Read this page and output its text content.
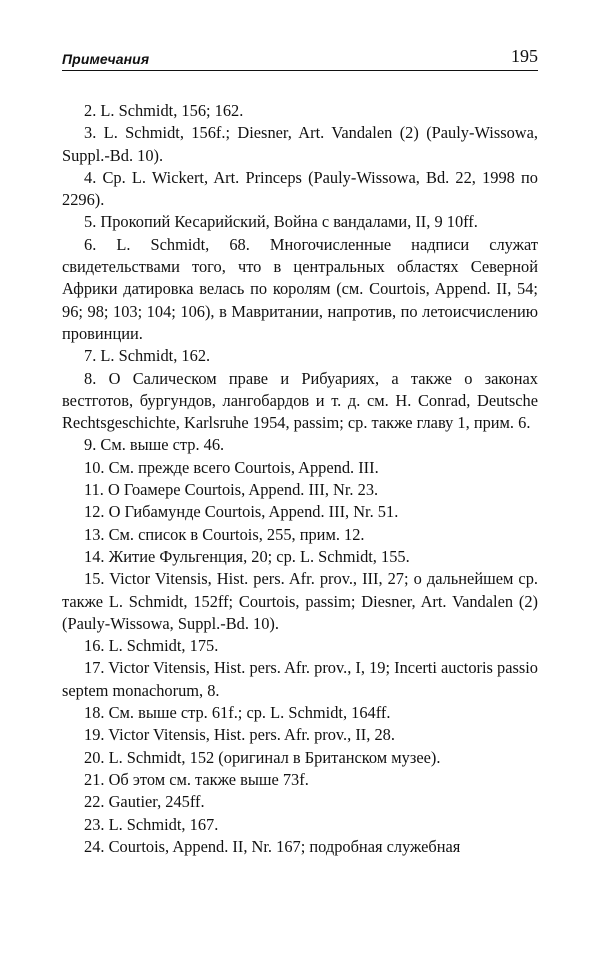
Примечания	195

2. L. Schmidt, 156; 162.

3. L. Schmidt, 156f.; Diesner, Art. Vandalen (2) (Pauly-Wissowa, Suppl.-Bd. 10).

4. Cp. L. Wickert, Art. Princeps (Pauly-Wissowa, Bd. 22, 1998 по 2296).

5. Прокопий Кесарийский, Война с вандалами, II, 9 10ff.

6. L. Schmidt, 68. Многочисленные надписи служат свидетельствами того, что в центральных областях Северной Африки датировка велась по королям (см. Courtois, Append. II, 54; 96; 98; 103; 104; 106), в Мавритании, напротив, по летоисчислению провинции.

7. L. Schmidt, 162.

8. О Салическом праве и Рибуариях, а также о законах вестготов, бургундов, лангобардов и т. д. см. H. Conrad, Deutsche Rechtsgeschichte, Karlsruhe 1954, passim; ср. также главу 1, прим. 6.

9. См. выше стр. 46.

10. См. прежде всего Courtois, Append. III.

11. О Гоамере Courtois, Append. III, Nr. 23.

12. О Гибамунде Courtois, Append. III, Nr. 51.

13. См. список в Courtois, 255, прим. 12.

14. Житие Фульгенция, 20; ср. L. Schmidt, 155.

15. Victor Vitensis, Hist. pers. Afr. prov., III, 27; о дальнейшем ср. также L. Schmidt, 152ff; Courtois, passim; Diesner, Art. Vandalen (2) (Pauly-Wissowa, Suppl.-Bd. 10).

16. L. Schmidt, 175.

17. Victor Vitensis, Hist. pers. Afr. prov., I, 19; Incerti auctoris passio septem monachorum, 8.

18. См. выше стр. 61f.; ср. L. Schmidt, 164ff.

19. Victor Vitensis, Hist. pers. Afr. prov., II, 28.

20. L. Schmidt, 152 (оригинал в Британском музее).

21. Об этом см. также выше 73f.

22. Gautier, 245ff.

23. L. Schmidt, 167.

24. Courtois, Append. II, Nr. 167; подробная служебная
